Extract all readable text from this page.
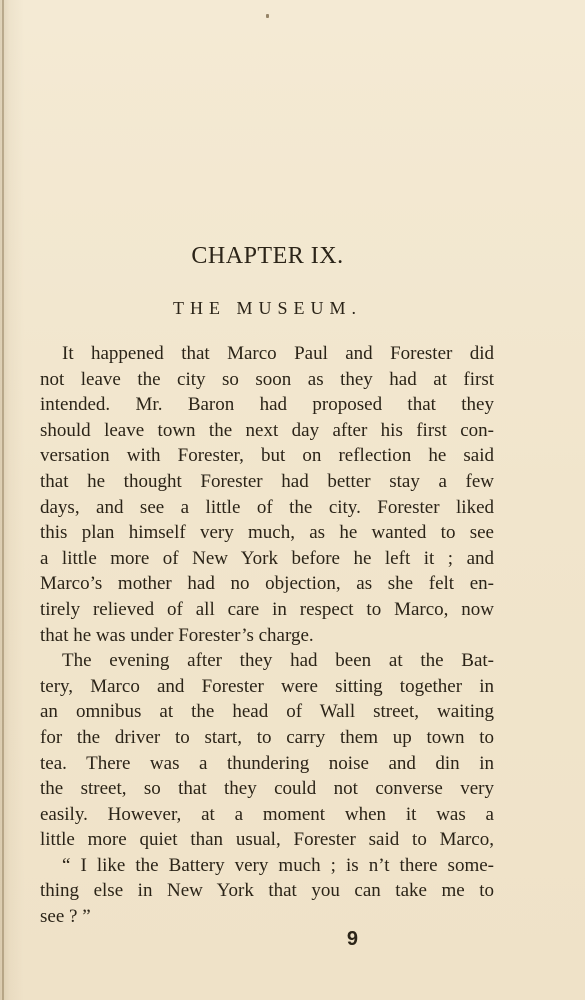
CHAPTER IX.
THE MUSEUM.
It happened that Marco Paul and Forester did
not leave the city so soon as they had at first
intended. Mr. Baron had proposed that they
should leave town the next day after his first con-
versation with Forester, but on reflection he said
that he thought Forester had better stay a few
days, and see a little of the city. Forester liked
this plan himself very much, as he wanted to see
a little more of New York before he left it ; and
Marco’s mother had no objection, as she felt en-
tirely relieved of all care in respect to Marco, now
that he was under Forester’s charge.
The evening after they had been at the Bat-
tery, Marco and Forester were sitting together in
an omnibus at the head of Wall street, waiting
for the driver to start, to carry them up town to
tea. There was a thundering noise and din in
the street, so that they could not converse very
easily. However, at a moment when it was a
little more quiet than usual, Forester said to Marco,
“ I like the Battery very much ; is n’t there some-
thing else in New York that you can take me to
see ? ”
9
